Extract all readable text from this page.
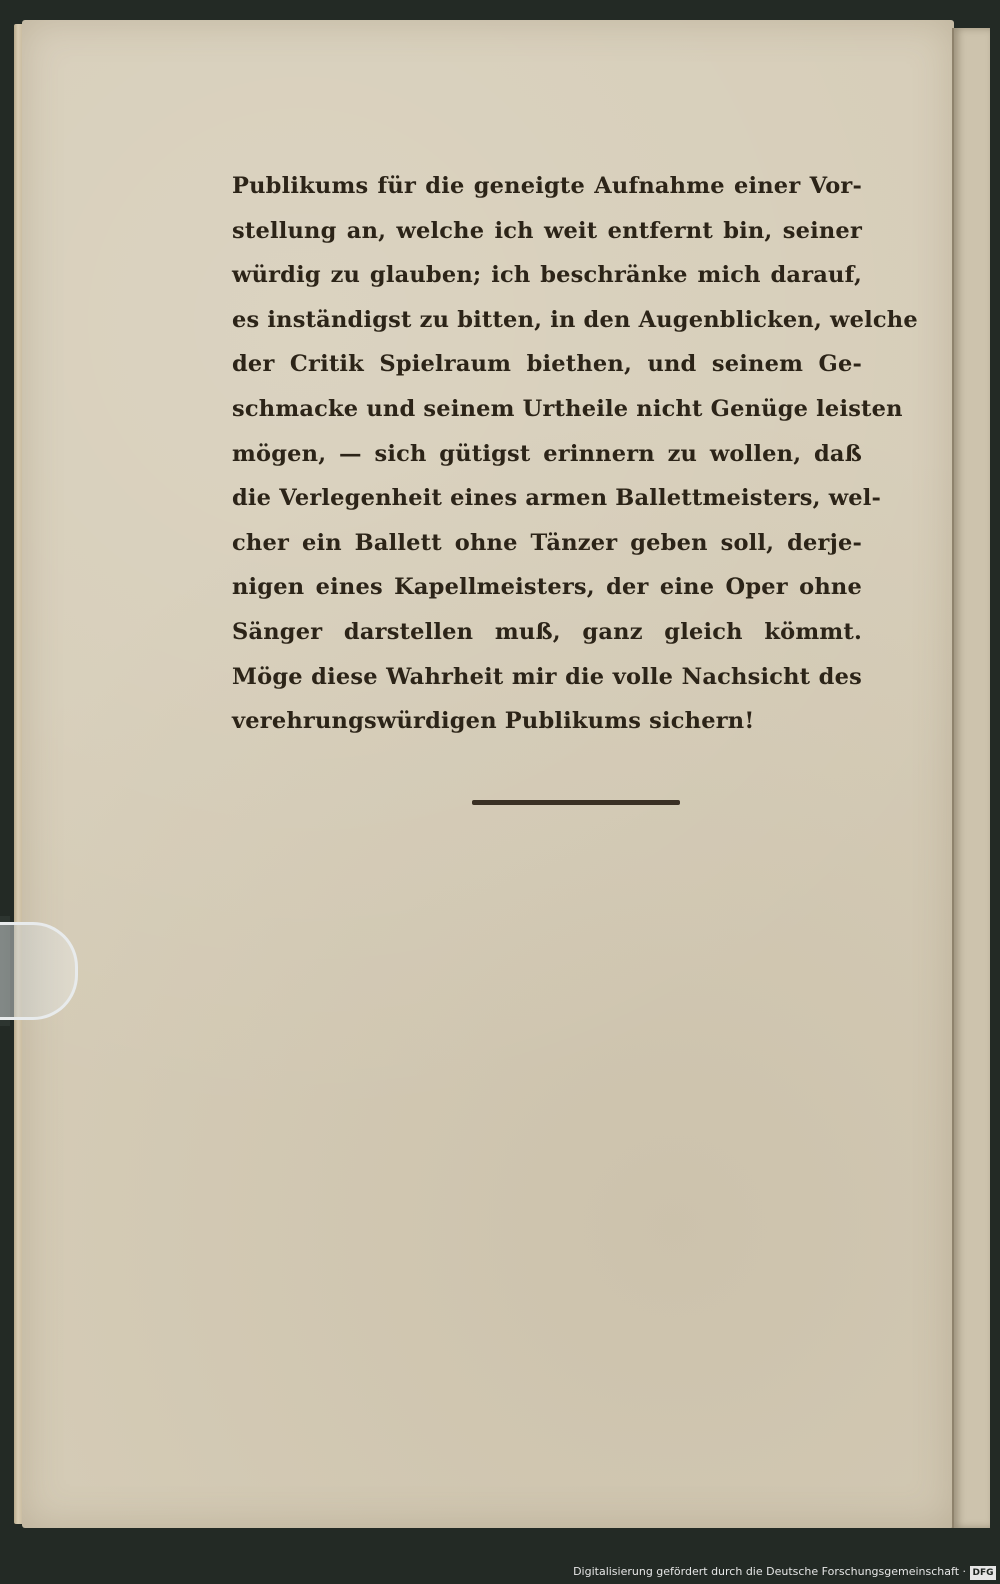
Publikums für die geneigte Aufnahme einer Vor-
stellung an, welche ich weit entfernt bin, seiner
würdig zu glauben; ich beschränke mich darauf,
es inständigst zu bitten, in den Augenblicken, welche
der Critik Spielraum biethen, und seinem Ge-
schmacke und seinem Urtheile nicht Genüge leisten
mögen, — sich gütigst erinnern zu wollen, daß
die Verlegenheit eines armen Ballettmeisters, wel-
cher ein Ballett ohne Tänzer geben soll, derje-
nigen eines Kapellmeisters, der eine Oper ohne
Sänger darstellen muß, ganz gleich kömmt.
Möge diese Wahrheit mir die volle Nachsicht des
verehrungswürdigen Publikums sichern!
Digitalisierung gefördert durch die Deutsche Forschungsgemeinschaft · DFG
